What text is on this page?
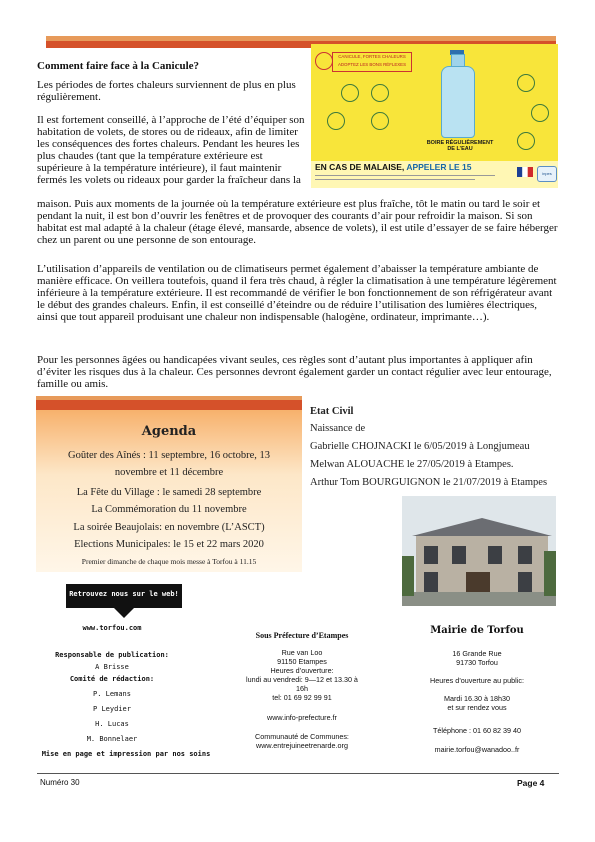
CANICULE, FORTES CHALEURS
ADOPTEZ LES BONS RÉFLEXES
BOIRE RÉGULIÈREMENT
DE L’EAU
EN CAS DE MALAISE, APPELER LE 15
inpes
Comment faire face à la Canicule?
Les périodes de fortes chaleurs surviennent de plus en plus régulièrement.
Il est fortement conseillé, à l’approche de l’été d’équiper son habitation de volets, de stores ou de rideaux, afin de limiter les conséquences des fortes chaleurs. Pendant les heures les plus chaudes (tant que la température extérieure est supérieure à la température intérieure), il faut maintenir fermés les volets ou rideaux pour garder la fraîcheur dans la
maison. Puis aux moments de la journée où la température extérieure est plus fraîche, tôt le matin ou tard le soir et pendant la nuit, il est bon d’ouvrir les fenêtres et de provoquer des courants d’air pour refroidir la maison. Si son habitat est mal adapté à la chaleur (étage élevé, mansarde, absence de volets), il est utile d’essayer de se faire héberger chez un parent ou une personne de son entourage.
L’utilisation d’appareils de ventilation ou de climatiseurs permet également d’abaisser la température ambiante de manière efficace. On veillera toutefois, quand il fera très chaud, à régler la climatisation à une température légèrement inférieure à la température extérieure. Il est recommandé de vérifier le bon fonctionnement de son réfrigérateur avant le début des grandes chaleurs. Enfin, il est conseillé d’éteindre ou de réduire l’utilisation des lumières électriques, ainsi que tout appareil produisant une chaleur non indispensable (halogène, ordinateur, imprimante…).
Pour les personnes âgées ou handicapées vivant seules, ces règles sont d’autant plus importantes à appliquer afin d’éviter les risques dus à la chaleur. Ces personnes devront également garder un contact régulier avec leur entourage, famille ou amis.
Agenda
Goûter des Aînés : 11 septembre, 16 octobre, 13
novembre et 11 décembre
La Fête du Village : le samedi 28 septembre
La Commémoration du 11 novembre
La soirée Beaujolais: en novembre (L’ASCT)
Elections Municipales: le 15 et 22 mars 2020
Premier dimanche de chaque mois messe à Torfou à 11.15
Etat Civil
Naissance de
Gabrielle CHOJNACKI le 6/05/2019 à Longjumeau
Melwan ALOUACHE le 27/05/2019 à Etampes.
Arthur Tom BOURGUIGNON le 21/07/2019 à Etampes
Retrouvez nous sur le web!
www.torfou.com
Responsable de publication:
A Brisse
Comité de rédaction:
P. Lemans
P Leydier
H. Lucas
M. Bonnelaer
Mise en page et impression par nos soins
Sous Préfecture d’Etampes
Rue van Loo
91150 Etampes
Heures d’ouverture:
lundi au vendredi: 9—12 et 13.30 à
16h
tel: 01 69 92 99 91
www.info-prefecture.fr
Communauté de Communes:
www.entrejuineetrenarde.org
Mairie de Torfou
16 Grande Rue
91730 Torfou
Heures d’ouverture au public:
Mardi 16.30 à 18h30
et sur rendez vous
Téléphone : 01 60 82 39 40
mairie.torfou@wanadoo..fr
Numéro 30	Page 4
